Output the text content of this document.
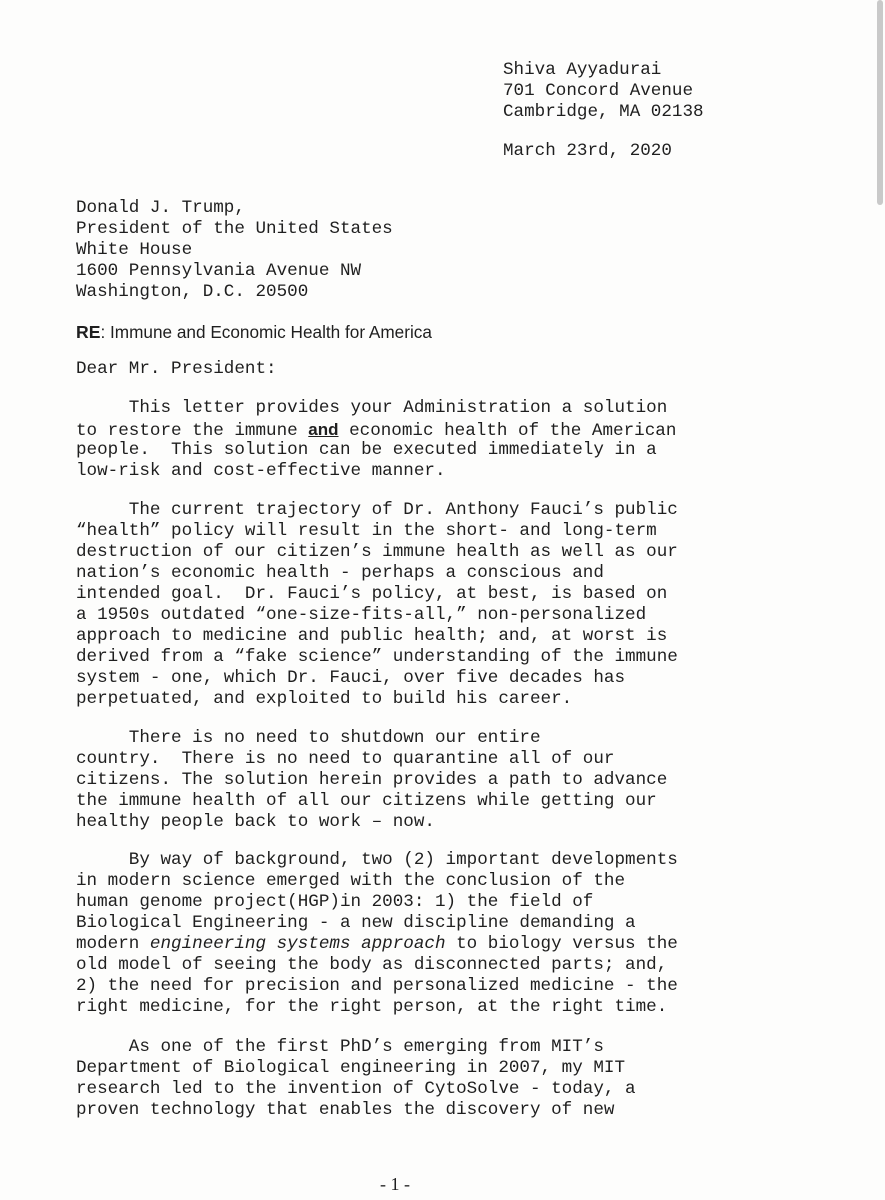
Shiva Ayyadurai
701 Concord Avenue
Cambridge, MA 02138
March 23rd, 2020
Donald J. Trump,
President of the United States
White House
1600 Pennsylvania Avenue NW
Washington, D.C. 20500
RE: Immune and Economic Health for America
Dear Mr. President:
This letter provides your Administration a solution
to restore the immune and economic health of the American
people.  This solution can be executed immediately in a
low-risk and cost-effective manner.
The current trajectory of Dr. Anthony Fauci’s public
“health” policy will result in the short- and long-term
destruction of our citizen’s immune health as well as our
nation’s economic health - perhaps a conscious and
intended goal.  Dr. Fauci’s policy, at best, is based on
a 1950s outdated “one-size-fits-all,” non-personalized
approach to medicine and public health; and, at worst is
derived from a “fake science” understanding of the immune
system - one, which Dr. Fauci, over five decades has
perpetuated, and exploited to build his career.
There is no need to shutdown our entire
country.  There is no need to quarantine all of our
citizens. The solution herein provides a path to advance
the immune health of all our citizens while getting our
healthy people back to work – now.
By way of background, two (2) important developments
in modern science emerged with the conclusion of the
human genome project(HGP)in 2003: 1) the field of
Biological Engineering - a new discipline demanding a
modern engineering systems approach to biology versus the
old model of seeing the body as disconnected parts; and,
2) the need for precision and personalized medicine - the
right medicine, for the right person, at the right time.
As one of the first PhD’s emerging from MIT’s
Department of Biological engineering in 2007, my MIT
research led to the invention of CytoSolve - today, a
proven technology that enables the discovery of new
- 1 -
